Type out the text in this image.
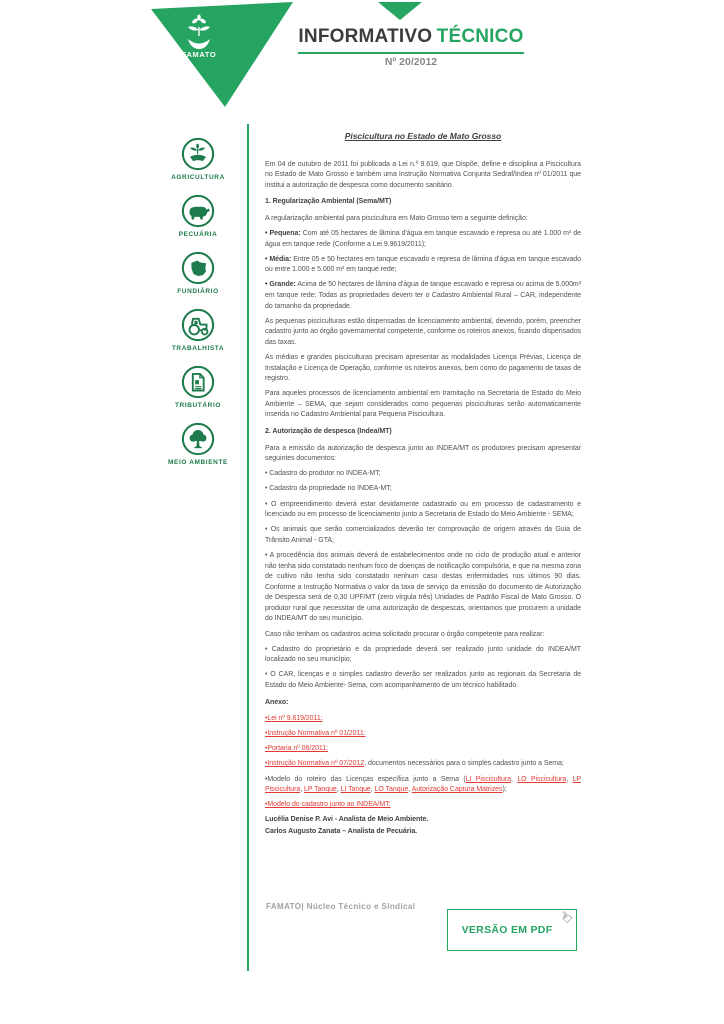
FAMATO
INFORMATIVO TÉCNICO
Nº 20/2012
AGRICULTURA
PECUÁRIA
FUNDIÁRIO
TRABALHISTA
TRIBUTÁRIO
MEIO AMBIENTE
Piscicultura no Estado de Mato Grosso
Em 04 de outubro de 2011 foi publicada a Lei n.º 9.619, que Dispõe, define e disciplina a Piscicultura no Estado de Mato Grosso e também uma Instrução Normativa Conjunta Sedraf/Indea nº 01/2011 que institui a autorização de despesca como documento sanitário.
1. Regularização Ambiental (Sema/MT)
A regularização ambiental para piscicultura em Mato Grosso tem a seguinte definição:
• Pequena: Com até 05 hectares de lâmina d'água em tanque escavado e represa ou até 1.000 m³ de água em tanque rede (Conforme a Lei 9.9619/2011);
• Média: Entre 05 e 50 hectares em tanque escavado e represa de lâmina d'água em tanque escavado ou entre 1.000 e 5.000 m³ em tanque rede;
• Grande: Acima de 50 hectares de lâmina d'água de tanque escavado e represa ou acima de 5.000m³ em tanque rede; Todas as propriedades devem ter o Cadastro Ambiental Rural – CAR, independente do tamanho da propriedade.
As pequenas pisciculturas estão dispensadas de licenciamento ambiental, devendo, porém, preencher cadastro junto ao órgão governamental competente, conforme os roteiros anexos, ficando dispensados das taxas.
As médias e grandes pisciculturas precisam apresentar as modalidades Licença Prévias, Licença de Instalação e Licença de Operação, conforme os roteiros anexos, bem como do pagamento de taxas de registro.
Para aqueles processos de licenciamento ambiental em tramitação na Secretaria de Estado do Meio Ambiente – SEMA, que sejam considerados como pequenas pisciculturas serão automaticamente inserida no Cadastro Ambiental para Pequena Piscicultura.
2. Autorização de despesca (Indea/MT)
Para a emissão da autorização de despesca junto ao INDEA/MT os produtores precisam apresentar seguintes documentos:
• Cadastro do produtor no INDEA-MT;
• Cadastro da propriedade no INDEA-MT;
• O empreendimento deverá estar devidamente cadastrado ou em processo de cadastramento e licenciado ou em processo de licenciamento junto a Secretaria de Estado do Meio Ambiente - SEMA;
• Os animais que serão comercializados deverão ter comprovação de origem através da Guia de Trânsito Animal - GTA;
• A procedência dos animais deverá de estabelecimentos onde no ciclo de produção atual e anterior não tenha sido constatado nenhum foco de doenças de notificação compulsória, e que na mesma zona de cultivo não tenha sido constatado nenhum caso destas enfermidades nos últimos 90 dias. Conforme a Instrução Normativa o valor da taxa de serviço da emissão do documento de Autorização de Despesca será de 0,30 UPF/MT (zero vírgula três) Unidades de Padrão Fiscal de Mato Grosso. O produtor rural que necessitar de uma autorização de despescas, orientamos que procurem a unidade do INDEA/MT do seu município.
Caso não tenham os cadastros acima solicitado procurar o órgão competente para realizar:
• Cadastro do proprietário e da propriedade deverá ser realizado junto unidade do INDEA/MT localizado no seu município;
• O CAR, licenças e o simples cadastro deverão ser realizados junto as regionais da Secretaria de Estado do Meio Ambiente- Sema, com acompanhamento de um técnico habilitado.
Anexo:
•Lei nº 9.619/2011:
•Instrução Normativa nº 01/2011:
•Portaria nº 06/2011:
•Instrução Normativa nº 07/2012, documentos necessários para o simples cadastro junto a Sema;
•Modelo do roteiro das Licenças específica junto a Sema (LI Piscicultura, LO Piscicultura, LP Piscicultura, LP Tanque, LI Tanque, LO Tanque, Autorização Captura Matrizes);
•Modelo do cadastro junto ao INDEA/MT:
Lucélia Denise P. Avi - Analista de Meio Ambiente.
Carlos Augusto Zanata – Analista de Pecuária.
FAMATO| Núcleo Técnico e Sindical
VERSÃO EM PDF
☜
